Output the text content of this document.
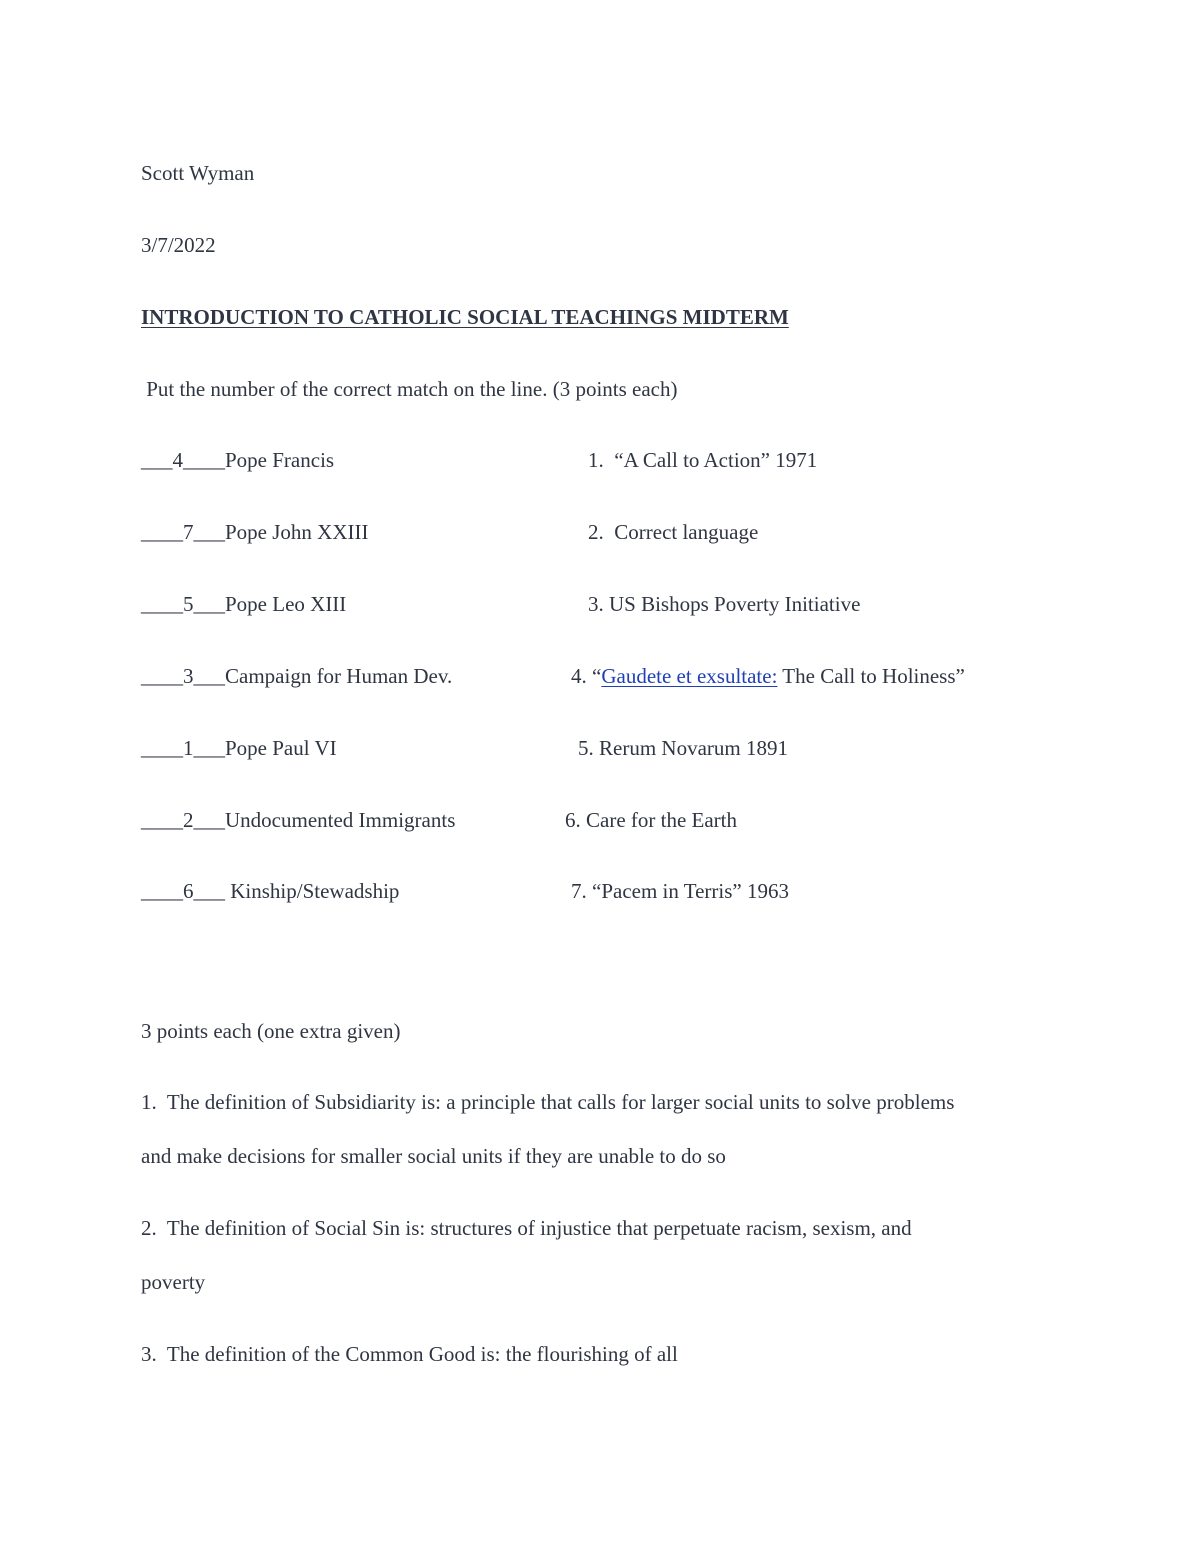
Scott Wyman
3/7/2022
INTRODUCTION TO CATHOLIC SOCIAL TEACHINGS MIDTERM
Put the number of the correct match on the line. (3 points each)
___4____Pope Francis	1.  “A Call to Action” 1971
____7___Pope John XXIII	2.  Correct language
____5___Pope Leo XIII	3. US Bishops Poverty Initiative
____3___Campaign for Human Dev.	4. “Gaudete et exsultate: The Call to Holiness”
____1___Pope Paul VI	5. Rerum Novarum 1891
____2___Undocumented Immigrants	6. Care for the Earth
____6___ Kinship/Stewadship	7. “Pacem in Terris” 1963
3 points each (one extra given)
1.  The definition of Subsidiarity is: a principle that calls for larger social units to solve problems
and make decisions for smaller social units if they are unable to do so
2.  The definition of Social Sin is: structures of injustice that perpetuate racism, sexism, and
poverty
3.  The definition of the Common Good is: the flourishing of all
